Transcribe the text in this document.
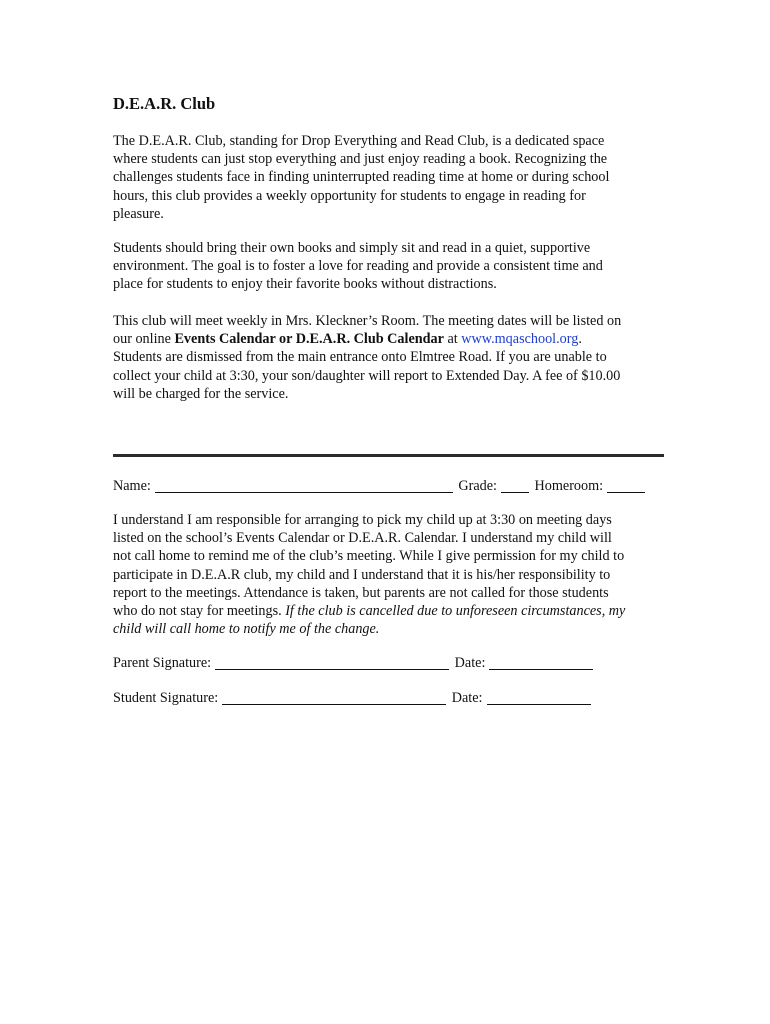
D.E.A.R. Club
The D.E.A.R. Club, standing for Drop Everything and Read Club, is a dedicated space
where students can just stop everything and just enjoy reading a book. Recognizing the
challenges students face in finding uninterrupted reading time at home or during school
hours, this club provides a weekly opportunity for students to engage in reading for
pleasure.
Students should bring their own books and simply sit and read in a quiet, supportive
environment. The goal is to foster a love for reading and provide a consistent time and
place for students to enjoy their favorite books without distractions.
This club will meet weekly in Mrs. Kleckner’s Room. The meeting dates will be listed on
our online Events Calendar or D.E.A.R. Club Calendar at www.mqaschool.org.
Students are dismissed from the main entrance onto Elmtree Road. If you are unable to
collect your child at 3:30, your son/daughter will report to Extended Day. A fee of $10.00
will be charged for the service.
Name:	Grade:	Homeroom:
I understand I am responsible for arranging to pick my child up at 3:30 on meeting days
listed on the school’s Events Calendar or D.E.A.R. Calendar. I understand my child will
not call home to remind me of the club’s meeting. While I give permission for my child to
participate in D.E.A.R club, my child and I understand that it is his/her responsibility to
report to the meetings. Attendance is taken, but parents are not called for those students
who do not stay for meetings. If the club is cancelled due to unforeseen circumstances, my
child will call home to notify me of the change.
Parent Signature:	Date:
Student Signature:	Date:
